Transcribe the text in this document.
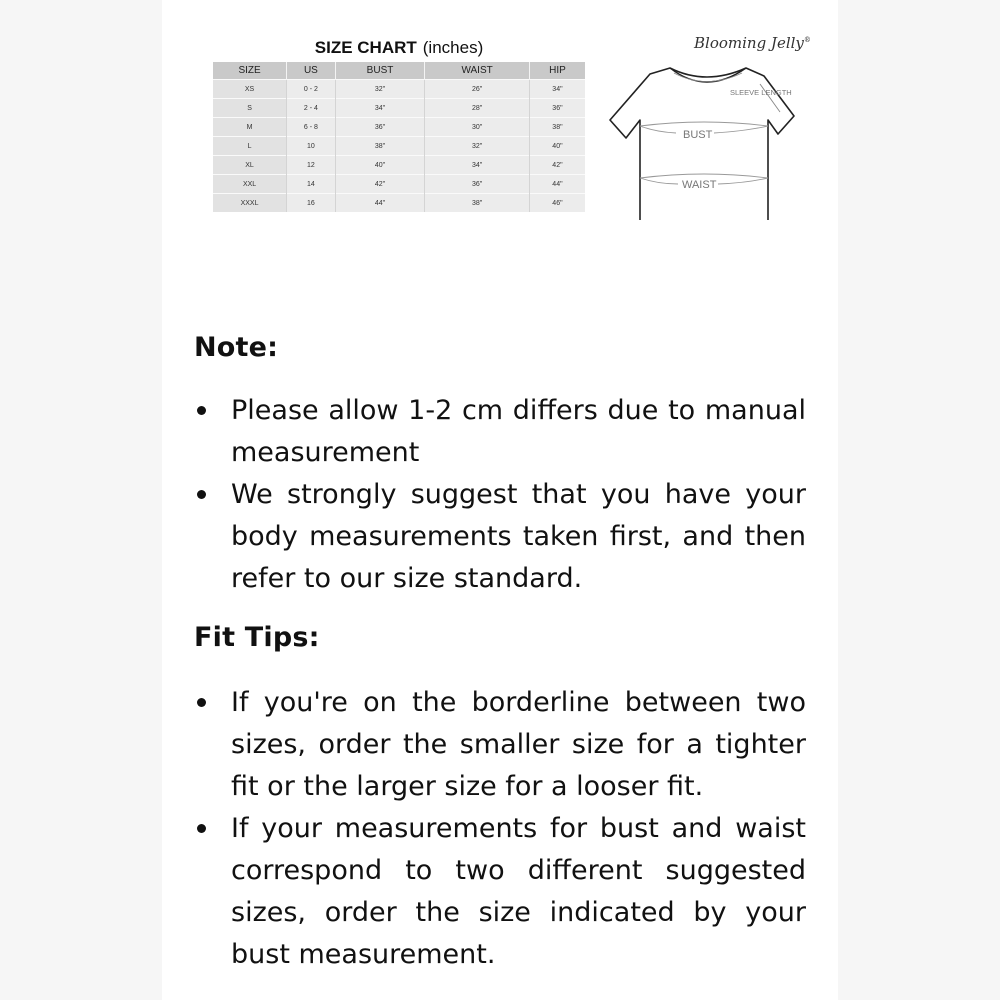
SIZE CHART (inches)
SIZE	US	BUST	WAIST	HIP
XS	0 - 2	32"	26"	34"
S	2 - 4	34"	28"	36"
M	6 - 8	36"	30"	38"
L	10	38"	32"	40"
XL	12	40"	34"	42"
XXL	14	42"	36"	44"
XXXL	16	44"	38"	46"
Blooming Jelly®
SLEEVE LENGTH
BUST
WAIST
Note:
Please allow 1-2 cm differs due to manual measurement
We strongly suggest that you have your body measurements taken first, and then refer to our size standard.
Fit Tips:
If you're on the borderline between two sizes, order the smaller size for a tighter fit or the larger size for a looser fit.
If your measurements for bust and waist correspond to two different suggested sizes, order the size indicated by your bust measurement.
